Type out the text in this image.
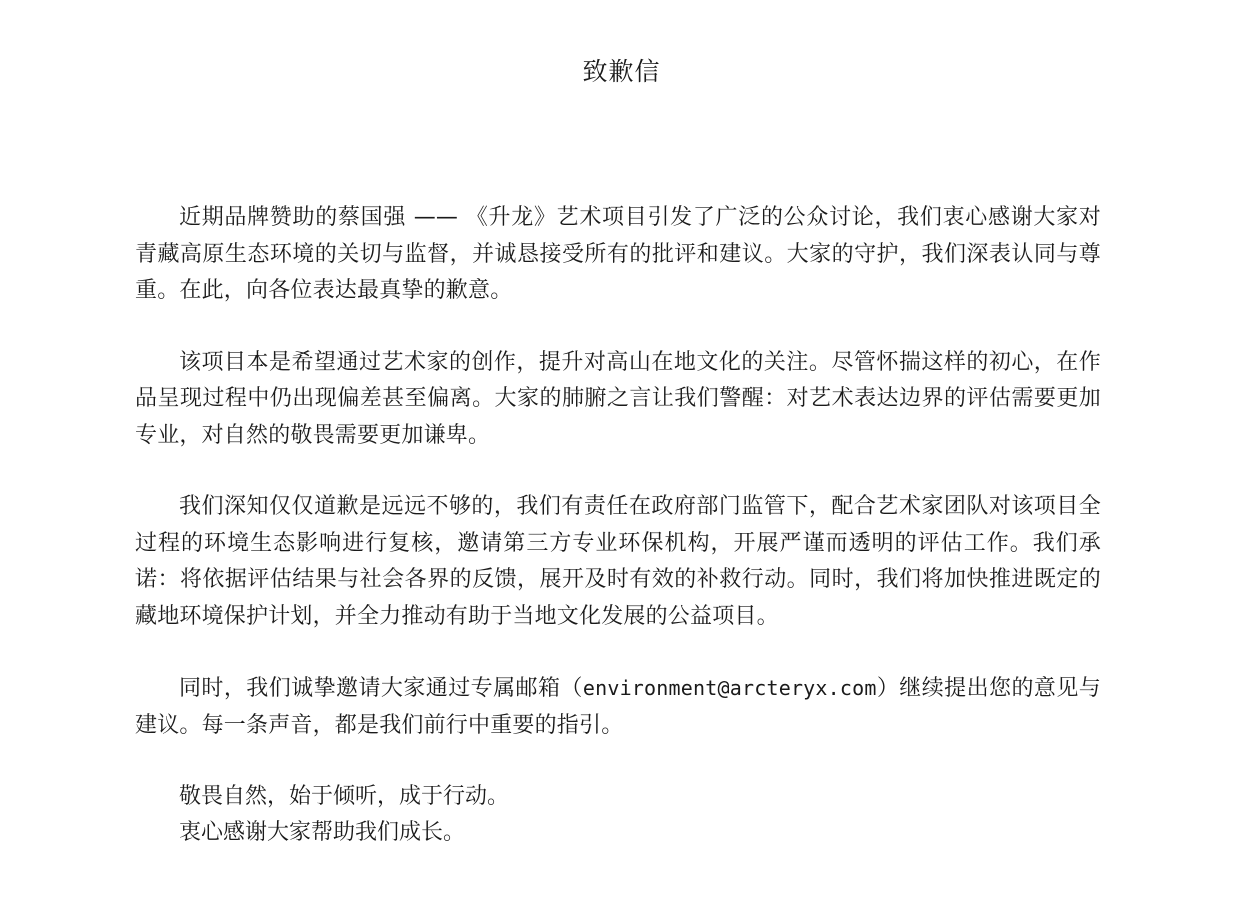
致歉信

近期品牌赞助的蔡国强 —— 《升龙》艺术项目引发了广泛的公众讨论，我们衷心感谢大家对青藏高原生态环境的关切与监督，并诚恳接受所有的批评和建议。大家的守护，我们深表认同与尊重。在此，向各位表达最真挚的歉意。

该项目本是希望通过艺术家的创作，提升对高山在地文化的关注。尽管怀揣这样的初心，在作品呈现过程中仍出现偏差甚至偏离。大家的肺腑之言让我们警醒：对艺术表达边界的评估需要更加专业，对自然的敬畏需要更加谦卑。

我们深知仅仅道歉是远远不够的，我们有责任在政府部门监管下，配合艺术家团队对该项目全过程的环境生态影响进行复核，邀请第三方专业环保机构，开展严谨而透明的评估工作。我们承诺：将依据评估结果与社会各界的反馈，展开及时有效的补救行动。同时，我们将加快推进既定的藏地环境保护计划，并全力推动有助于当地文化发展的公益项目。

同时，我们诚挚邀请大家通过专属邮箱（environment@arcteryx.com）继续提出您的意见与建议。每一条声音，都是我们前行中重要的指引。

敬畏自然，始于倾听，成于行动。

衷心感谢大家帮助我们成长。
